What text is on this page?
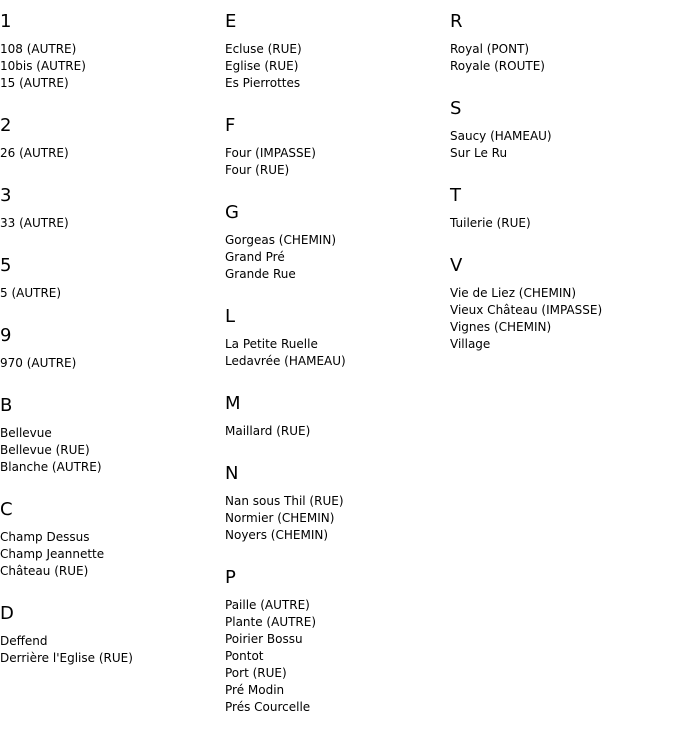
1
108 (AUTRE)
10bis (AUTRE)
15 (AUTRE)
2
26 (AUTRE)
3
33 (AUTRE)
5
5 (AUTRE)
9
970 (AUTRE)
B
Bellevue
Bellevue (RUE)
Blanche (AUTRE)
C
Champ Dessus
Champ Jeannette
Château (RUE)
D
Deffend
Derrière l'Eglise (RUE)
E
Ecluse (RUE)
Eglise (RUE)
Es Pierrottes
F
Four (IMPASSE)
Four (RUE)
G
Gorgeas (CHEMIN)
Grand Pré
Grande Rue
L
La Petite Ruelle
Ledavrée (HAMEAU)
M
Maillard (RUE)
N
Nan sous Thil (RUE)
Normier (CHEMIN)
Noyers (CHEMIN)
P
Paille (AUTRE)
Plante (AUTRE)
Poirier Bossu
Pontot
Port (RUE)
Pré Modin
Prés Courcelle
R
Royal (PONT)
Royale (ROUTE)
S
Saucy (HAMEAU)
Sur Le Ru
T
Tuilerie (RUE)
V
Vie de Liez (CHEMIN)
Vieux Château (IMPASSE)
Vignes (CHEMIN)
Village
